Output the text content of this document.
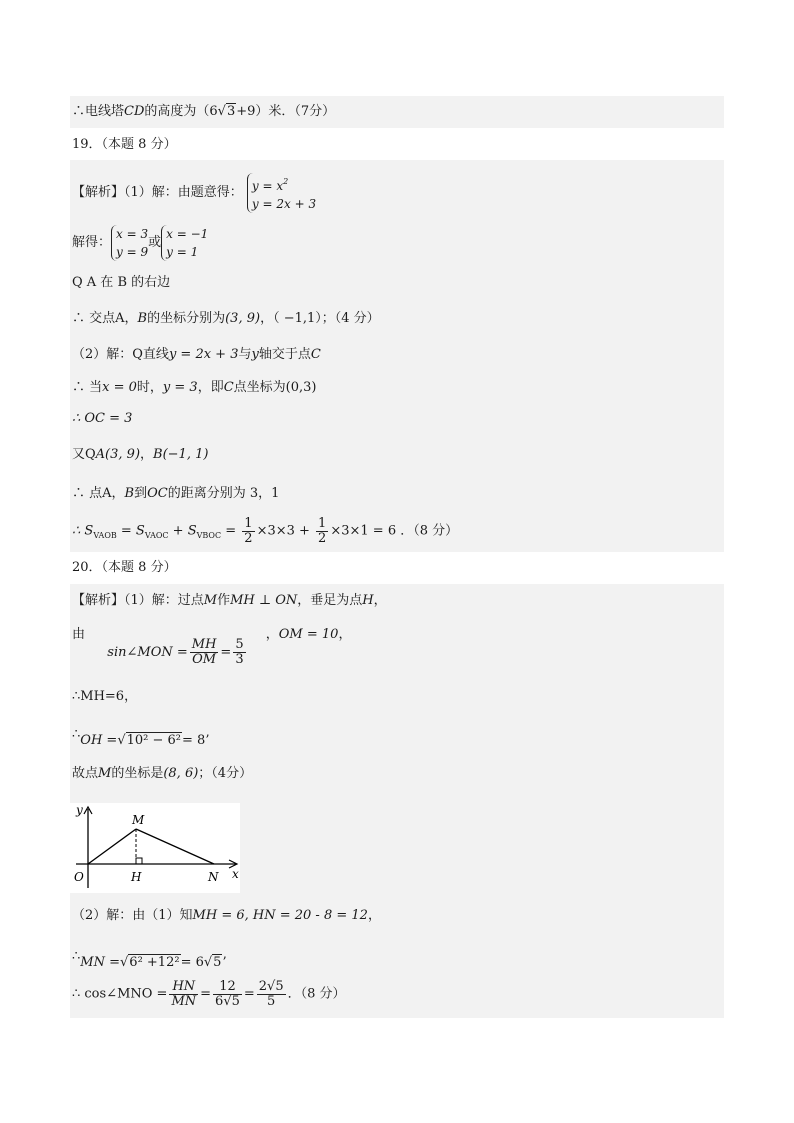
∴电线塔CD的高度为（6√3+9）米．（7分）
19．（本题 8 分）
【解析】（1）解：由题意得： $y = x^2$
y = 2x + 3
解得：
x = 3
y = 9
或
x = −1
y = 1
Q A 在 B 的右边
∴ 交点A，B的坐标分别为(3, 9)，（ −1,1）；（4 分）
（2）解：Q直线y = 2x + 3与y轴交于点C
∴ 当x = 0时，y = 3，即C点坐标为(0,3)
∴ OC = 3
又QA(3, 9)，B(−1, 1)
∴ 点A，B到OC的距离分别为 3，1
∴ $S_{VAOB} = S_{VAOC} + S_{VBOC} = \frac{1}{2} \times 3\times 3 + \frac{1}{2} \times 3\times 1 = 6$ ．（8 分）
20．（本题 8 分）
【解析】（1）解：过点M作MH ⊥ ON，垂足为点H，
由  sin∠MON = $\frac{MH}{OM} = \frac{5}{3}$
，OM = 10，
∴MH=6，
∴OH =√10² − 6²= 8’
故点M的坐标是(8, 6)；（4分）
y
x
M
O	H	N
（2）解：由（1）知MH = 6, HN = 20 - 8 = 12，
∴MN =√6² +12²= 6√5’
∴ cos∠MNO = $\frac{HN}{MN} = \frac{12}{6√5} = \frac{2√5}{5}$ ．（8 分）
